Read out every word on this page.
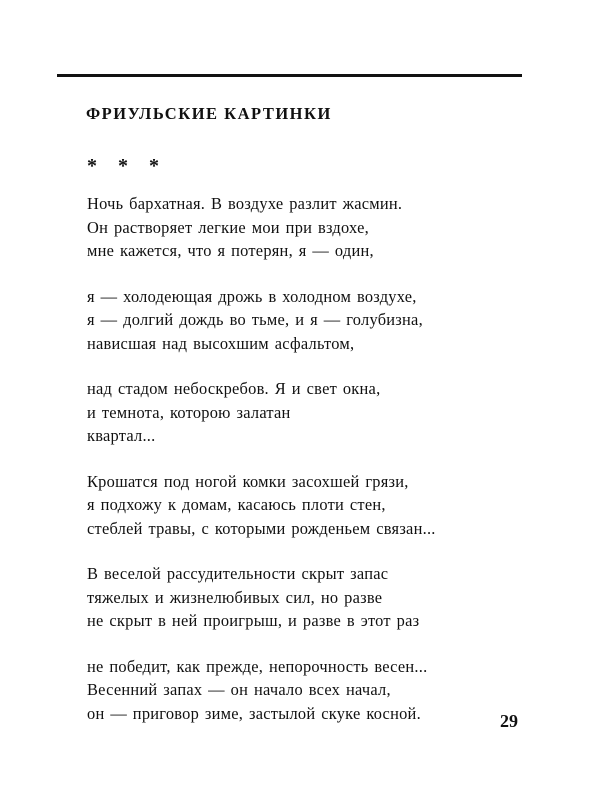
ФРИУЛЬСКИЕ КАРТИНКИ
* * *
Ночь бархатная. В воздухе разлит жасмин.
Он растворяет легкие мои при вздохе,
мне кажется, что я потерян, я — один,
я — холодеющая дрожь в холодном воздухе,
я — долгий дождь во тьме, и я — голубизна,
нависшая над высохшим асфальтом,
над стадом небоскребов. Я и свет окна,
и темнота, которою залатан
квартал...
Крошатся под ногой комки засохшей грязи,
я подхожу к домам, касаюсь плоти стен,
стеблей травы, с которыми рожденьем связан...
В веселой рассудительности скрыт запас
тяжелых и жизнелюбивых сил, но разве
не скрыт в ней проигрыш, и разве в этот раз
не победит, как прежде, непорочность весен...
Весенний запах — он начало всех начал,
он — приговор зиме, застылой скуке косной.	29
